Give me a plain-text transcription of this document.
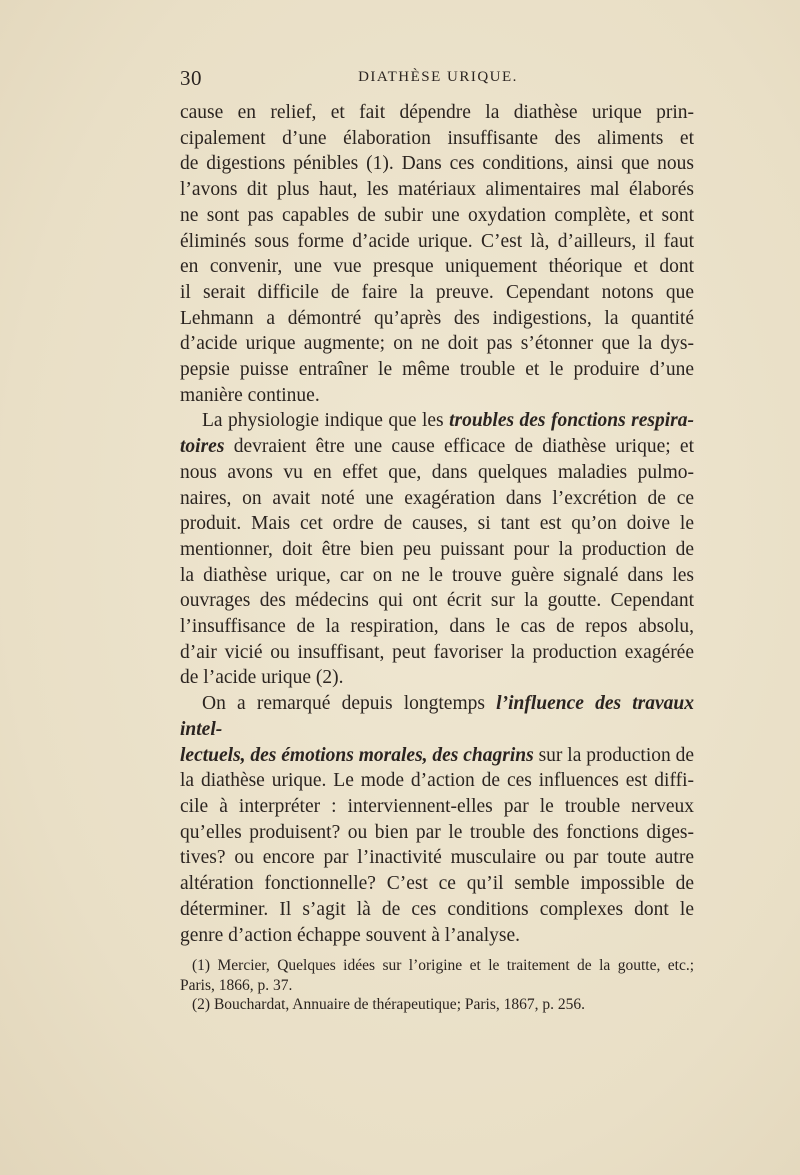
30	DIATHÈSE URIQUE.

cause en relief, et fait dépendre la diathèse urique prin-
cipalement d’une élaboration insuffisante des aliments et
de digestions pénibles (1). Dans ces conditions, ainsi que nous
l’avons dit plus haut, les matériaux alimentaires mal élaborés
ne sont pas capables de subir une oxydation complète, et sont
éliminés sous forme d’acide urique. C’est là, d’ailleurs, il faut
en convenir, une vue presque uniquement théorique et dont
il serait difficile de faire la preuve. Cependant notons que
Lehmann a démontré qu’après des indigestions, la quantité
d’acide urique augmente; on ne doit pas s’étonner que la dys-
pepsie puisse entraîner le même trouble et le produire d’une
manière continue.

La physiologie indique que les troubles des fonctions respira-
toires devraient être une cause efficace de diathèse urique; et
nous avons vu en effet que, dans quelques maladies pulmo-
naires, on avait noté une exagération dans l’excrétion de ce
produit. Mais cet ordre de causes, si tant est qu’on doive le
mentionner, doit être bien peu puissant pour la production de
la diathèse urique, car on ne le trouve guère signalé dans les
ouvrages des médecins qui ont écrit sur la goutte. Cependant
l’insuffisance de la respiration, dans le cas de repos absolu,
d’air vicié ou insuffisant, peut favoriser la production exagérée
de l’acide urique (2).

On a remarqué depuis longtemps l’influence des travaux intel-
lectuels, des émotions morales, des chagrins sur la production de
la diathèse urique. Le mode d’action de ces influences est diffi-
cile à interpréter : interviennent-elles par le trouble nerveux
qu’elles produisent? ou bien par le trouble des fonctions diges-
tives? ou encore par l’inactivité musculaire ou par toute autre
altération fonctionnelle? C’est ce qu’il semble impossible de
déterminer. Il s’agit là de ces conditions complexes dont le
genre d’action échappe souvent à l’analyse.

(1) Mercier, Quelques idées sur l’origine et le traitement de la goutte, etc.;
Paris, 1866, p. 37.
(2) Bouchardat, Annuaire de thérapeutique; Paris, 1867, p. 256.
